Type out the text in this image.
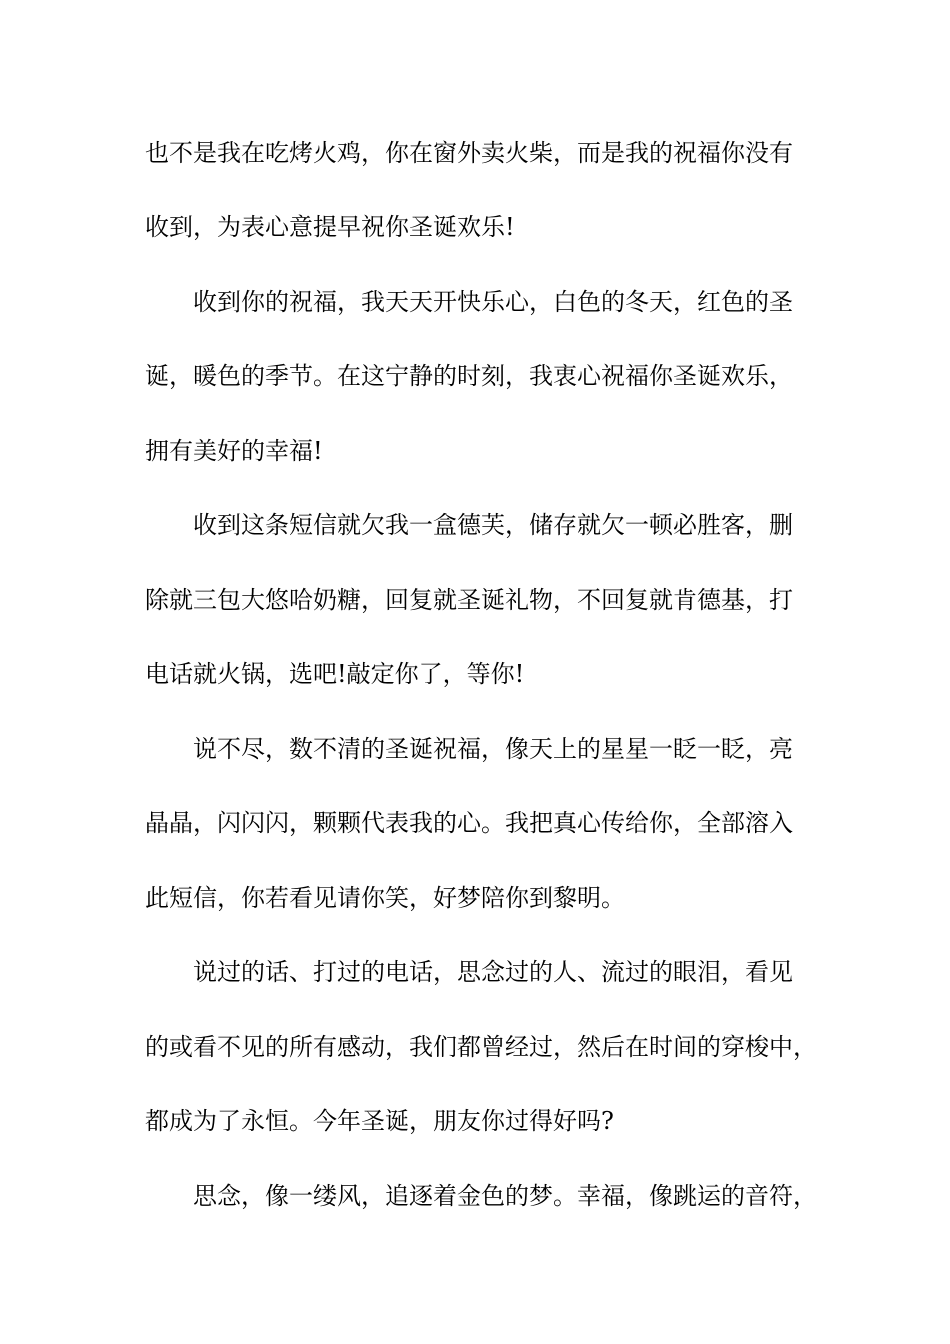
也不是我在吃烤火鸡，你在窗外卖火柴，而是我的祝福你没有
收到，为表心意提早祝你圣诞欢乐!
收到你的祝福，我天天开快乐心，白色的冬天，红色的圣
诞，暖色的季节。在这宁静的时刻，我衷心祝福你圣诞欢乐，
拥有美好的幸福!
收到这条短信就欠我一盒德芙，储存就欠一顿必胜客，删
除就三包大悠哈奶糖，回复就圣诞礼物，不回复就肯德基，打
电话就火锅，选吧!敲定你了，等你!
说不尽，数不清的圣诞祝福，像天上的星星一眨一眨，亮
晶晶，闪闪闪，颗颗代表我的心。我把真心传给你，全部溶入
此短信，你若看见请你笑，好梦陪你到黎明。
说过的话、打过的电话，思念过的人、流过的眼泪，看见
的或看不见的所有感动，我们都曾经过，然后在时间的穿梭中，
都成为了永恒。今年圣诞，朋友你过得好吗?
思念，像一缕风，追逐着金色的梦。幸福，像跳运的音符，
